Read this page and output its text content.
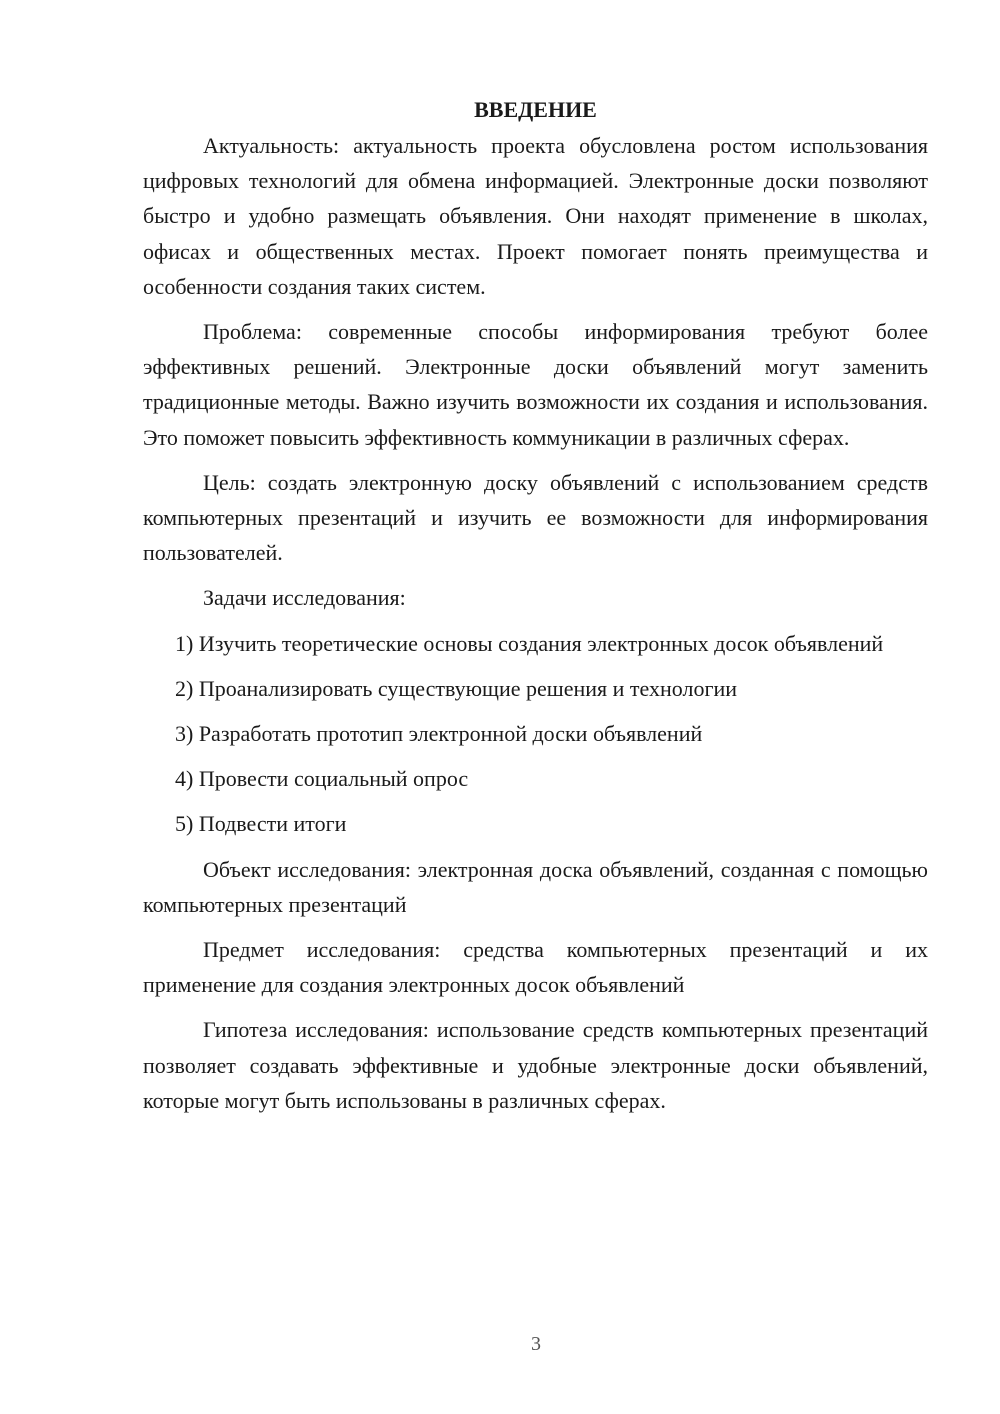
ВВЕДЕНИЕ

Актуальность: актуальность проекта обусловлена ростом использования цифровых технологий для обмена информацией. Электронные доски позволяют быстро и удобно размещать объявления. Они находят применение в школах, офисах и общественных местах. Проект помогает понять преимущества и особенности создания таких систем.

Проблема: современные способы информирования требуют более эффективных решений. Электронные доски объявлений могут заменить традиционные методы. Важно изучить возможности их создания и использования. Это поможет повысить эффективность коммуникации в различных сферах.

Цель: создать электронную доску объявлений с использованием средств компьютерных презентаций и изучить ее возможности для информирования пользователей.

Задачи исследования:

1) Изучить теоретические основы создания электронных досок объявлений

2) Проанализировать существующие решения и технологии

3) Разработать прототип электронной доски объявлений

4) Провести социальный опрос

5) Подвести итоги

Объект исследования: электронная доска объявлений, созданная с помощью компьютерных презентаций

Предмет исследования: средства компьютерных презентаций и их применение для создания электронных досок объявлений

Гипотеза исследования: использование средств компьютерных презентаций позволяет создавать эффективные и удобные электронные доски объявлений, которые могут быть использованы в различных сферах.

3
